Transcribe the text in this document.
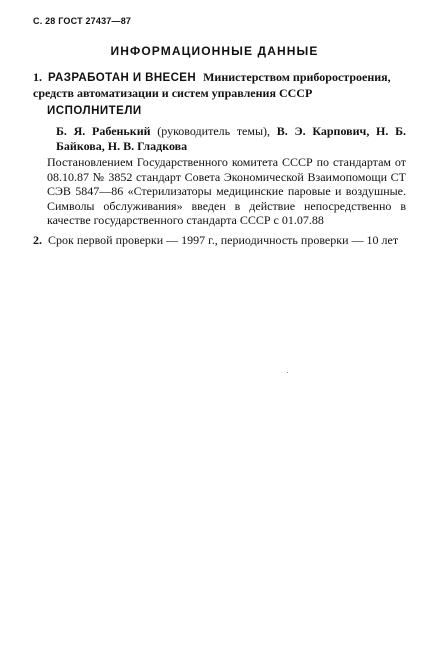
С. 28 ГОСТ 27437—87
ИНФОРМАЦИОННЫЕ ДАННЫЕ
1. РАЗРАБОТАН И ВНЕСЕН Министерством приборостроения, средств автоматизации и систем управления СССР
ИСПОЛНИТЕЛИ
Б. Я. Рабенький (руководитель темы), В. Э. Карпович, Н. Б. Байкова, Н. В. Гладкова
Постановлением Государственного комитета СССР по стандартам от 08.10.87 № 3852 стандарт Совета Экономической Взаимопомощи СТ СЭВ 5847—86 «Стерилизаторы медицинские паровые и воздушные. Символы обслуживания» введен в действие непосредственно в качестве государственного стандарта СССР с 01.07.88
2. Срок первой проверки — 1997 г., периодичность проверки — 10 лет
